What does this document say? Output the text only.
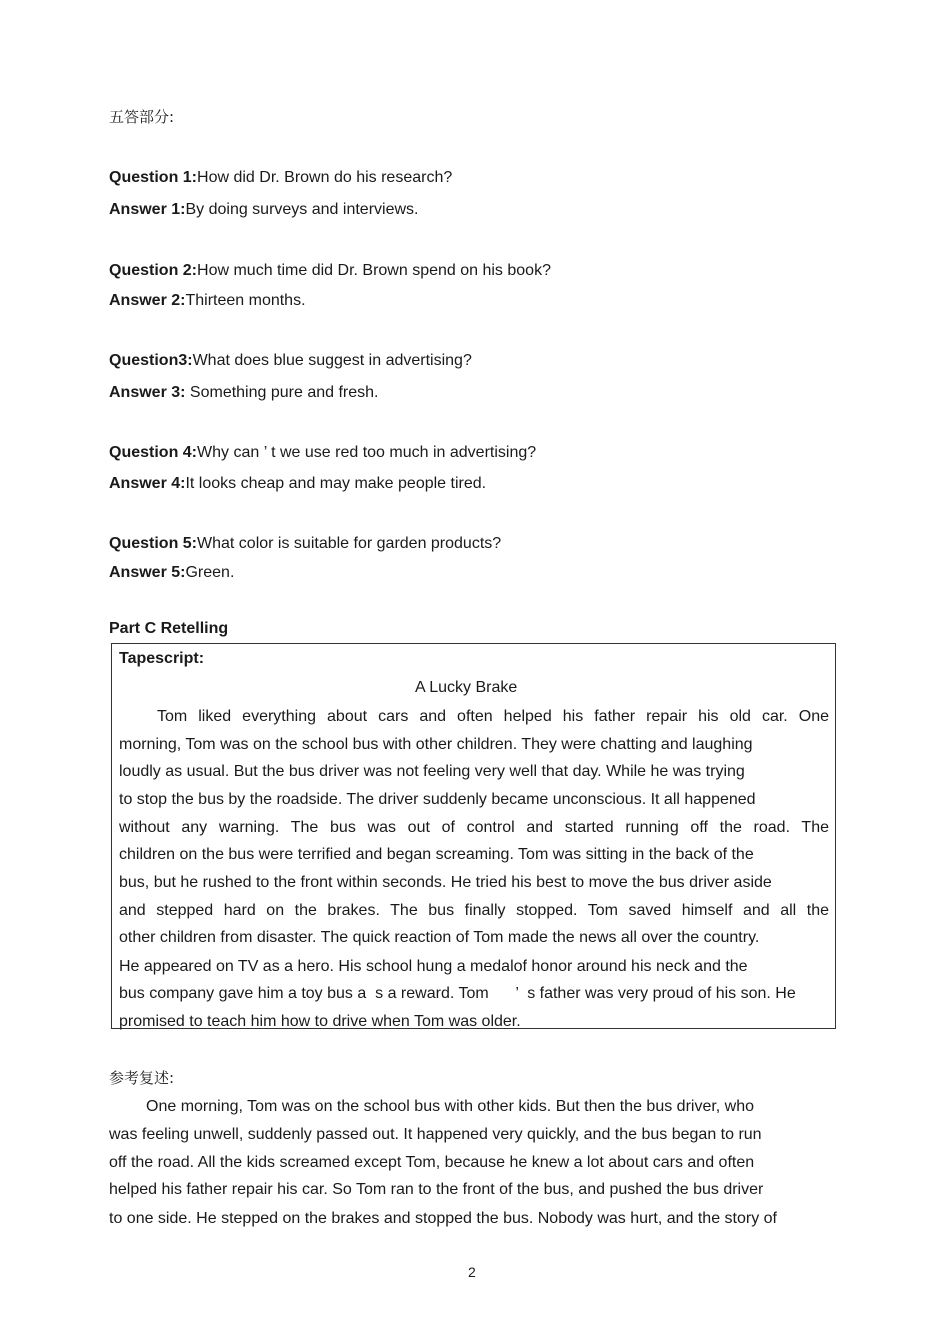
五答部分:
Question 1:How did Dr. Brown do his research?
Answer 1:By doing surveys and interviews.
Question 2:How much time did Dr. Brown spend on his book?
Answer 2:Thirteen months.
Question3:What does blue suggest in advertising?
Answer 3: Something pure and fresh.
Question 4:Why can ’ t we use red too much in advertising?
Answer 4:It looks cheap and may make people tired.
Question 5:What color is suitable for garden products?
Answer 5:Green.
Part C Retelling
Tapescript:
A Lucky Brake
Tom liked everything about cars and often helped his father repair his old car. One
morning, Tom was on the school bus with other children. They were chatting and laughing
loudly as usual. But the bus driver was not feeling very well that day. While he was trying
to stop the bus by the roadside. The driver suddenly became unconscious. It all happened
without any warning. The bus was out of control and started running off the road. The
children on the bus were terrified and began screaming. Tom was sitting in the back of the
bus, but he rushed to the front within seconds. He tried his best to move the bus driver aside
and stepped hard on the brakes. The bus finally stopped. Tom saved himself and all the
other children from disaster. The quick reaction of Tom made the news all over the country.
He appeared on TV as a hero. His school hung a medalof honor around his neck and the
bus company gave him a toy bus a  s a reward. Tom      ’  s father was very proud of his son. He
promised to teach him how to drive when Tom was older.
参考复述:
One morning, Tom was on the school bus with other kids. But then the bus driver, who
was feeling unwell, suddenly passed out. It happened very quickly, and the bus began to run
off the road. All the kids screamed except Tom, because he knew a lot about cars and often
helped his father repair his car. So Tom ran to the front of the bus, and pushed the bus driver
to one side. He stepped on the brakes and stopped the bus. Nobody was hurt, and the story of
2
